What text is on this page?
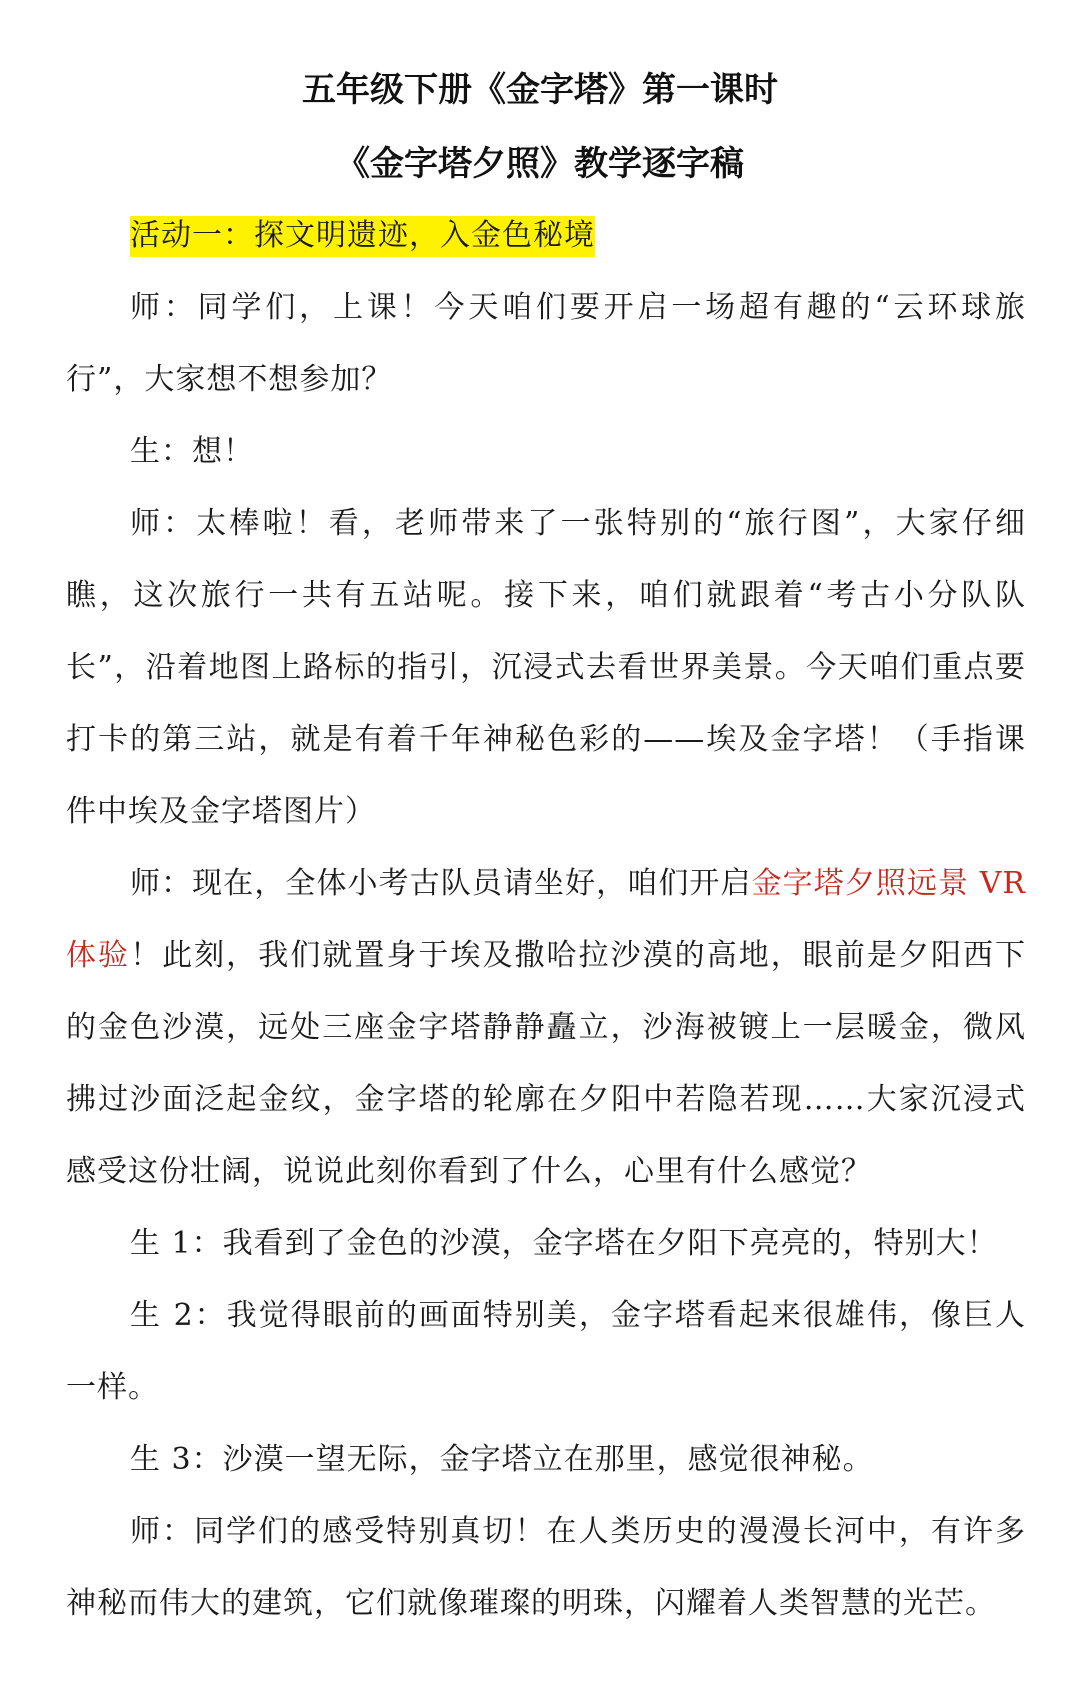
五年级下册《金字塔》第一课时
《金字塔夕照》教学逐字稿

活动一：探文明遗迹，入金色秘境

师：同学们，上课！今天咱们要开启一场超有趣的“云环球旅行”，大家想不想参加？

生：想！

师：太棒啦！看，老师带来了一张特别的“旅行图”，大家仔细瞧，这次旅行一共有五站呢。接下来，咱们就跟着“考古小分队队长”，沿着地图上路标的指引，沉浸式去看世界美景。今天咱们重点要打卡的第三站，就是有着千年神秘色彩的——埃及金字塔！（手指课件中埃及金字塔图片）

师：现在，全体小考古队员请坐好，咱们开启金字塔夕照远景 VR 体验！此刻，我们就置身于埃及撒哈拉沙漠的高地，眼前是夕阳西下的金色沙漠，远处三座金字塔静静矗立，沙海被镀上一层暖金，微风拂过沙面泛起金纹，金字塔的轮廓在夕阳中若隐若现……大家沉浸式感受这份壮阔，说说此刻你看到了什么，心里有什么感觉？

生 1：我看到了金色的沙漠，金字塔在夕阳下亮亮的，特别大！

生 2：我觉得眼前的画面特别美，金字塔看起来很雄伟，像巨人一样。

生 3：沙漠一望无际，金字塔立在那里，感觉很神秘。

师：同学们的感受特别真切！在人类历史的漫漫长河中，有许多神秘而伟大的建筑，它们就像璀璨的明珠，闪耀着人类智慧的光芒。
